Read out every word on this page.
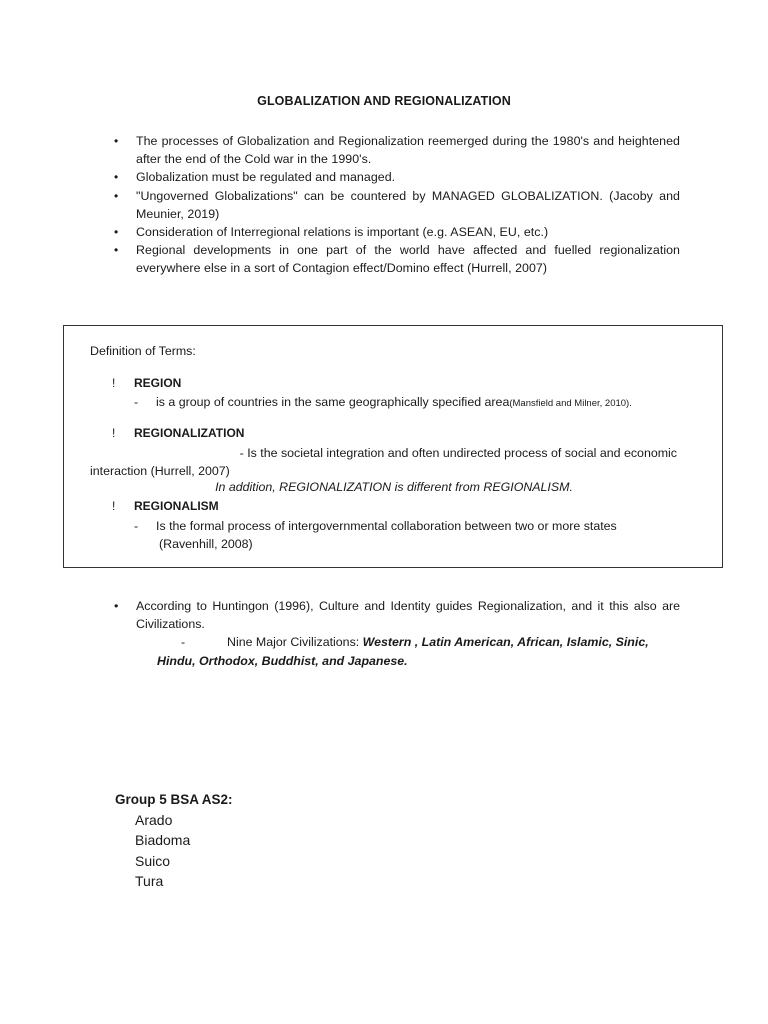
GLOBALIZATION AND REGIONALIZATION
• The processes of Globalization and Regionalization reemerged during the 1980's and heightened after the end of the Cold war in the 1990's.
• Globalization must be regulated and managed.
• "Ungoverned Globalizations" can be countered by MANAGED GLOBALIZATION. (Jacoby and Meunier, 2019)
• Consideration of Interregional relations is important (e.g. ASEAN, EU, etc.)
• Regional developments in one part of the world have affected and fuelled regionalization everywhere else in a sort of Contagion effect/Domino effect (Hurrell, 2007)
Definition of Terms:
! REGION
- is a group of countries in the same geographically specified area(Mansfield and Milner, 2010).
! REGIONALIZATION
- Is the societal integration and often undirected process of social and economic
interaction (Hurrell, 2007)
In addition, REGIONALIZATION is different from REGIONALISM.
! REGIONALISM
- Is the formal process of intergovernmental collaboration between two or more states
(Ravenhill, 2008)
• According to Huntingon (1996), Culture and Identity guides Regionalization, and it this also are Civilizations.
-	Nine Major Civilizations: Western , Latin American, African, Islamic, Sinic, Hindu, Orthodox, Buddhist, and Japanese.
Group 5 BSA AS2:
Arado
Biadoma
Suico
Tura
